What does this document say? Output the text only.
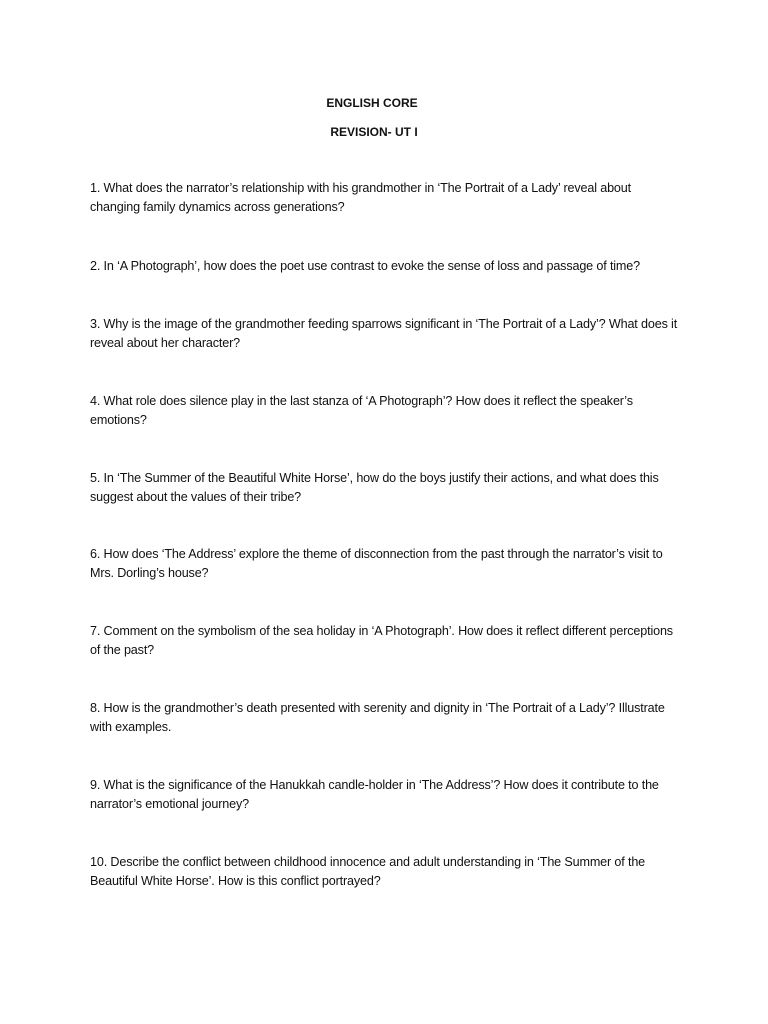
ENGLISH CORE
REVISION- UT I
1. What does the narrator’s relationship with his grandmother in ‘The Portrait of a Lady’ reveal about changing family dynamics across generations?
2. In ‘A Photograph’, how does the poet use contrast to evoke the sense of loss and passage of time?
3. Why is the image of the grandmother feeding sparrows significant in ‘The Portrait of a Lady’? What does it reveal about her character?
4. What role does silence play in the last stanza of ‘A Photograph’? How does it reflect the speaker’s emotions?
5. In ‘The Summer of the Beautiful White Horse’, how do the boys justify their actions, and what does this suggest about the values of their tribe?
6. How does ‘The Address’ explore the theme of disconnection from the past through the narrator’s visit to Mrs. Dorling’s house?
7. Comment on the symbolism of the sea holiday in ‘A Photograph’. How does it reflect different perceptions of the past?
8. How is the grandmother’s death presented with serenity and dignity in ‘The Portrait of a Lady’? Illustrate with examples.
9. What is the significance of the Hanukkah candle-holder in ‘The Address’? How does it contribute to the narrator’s emotional journey?
10. Describe the conflict between childhood innocence and adult understanding in ‘The Summer of the Beautiful White Horse’. How is this conflict portrayed?
